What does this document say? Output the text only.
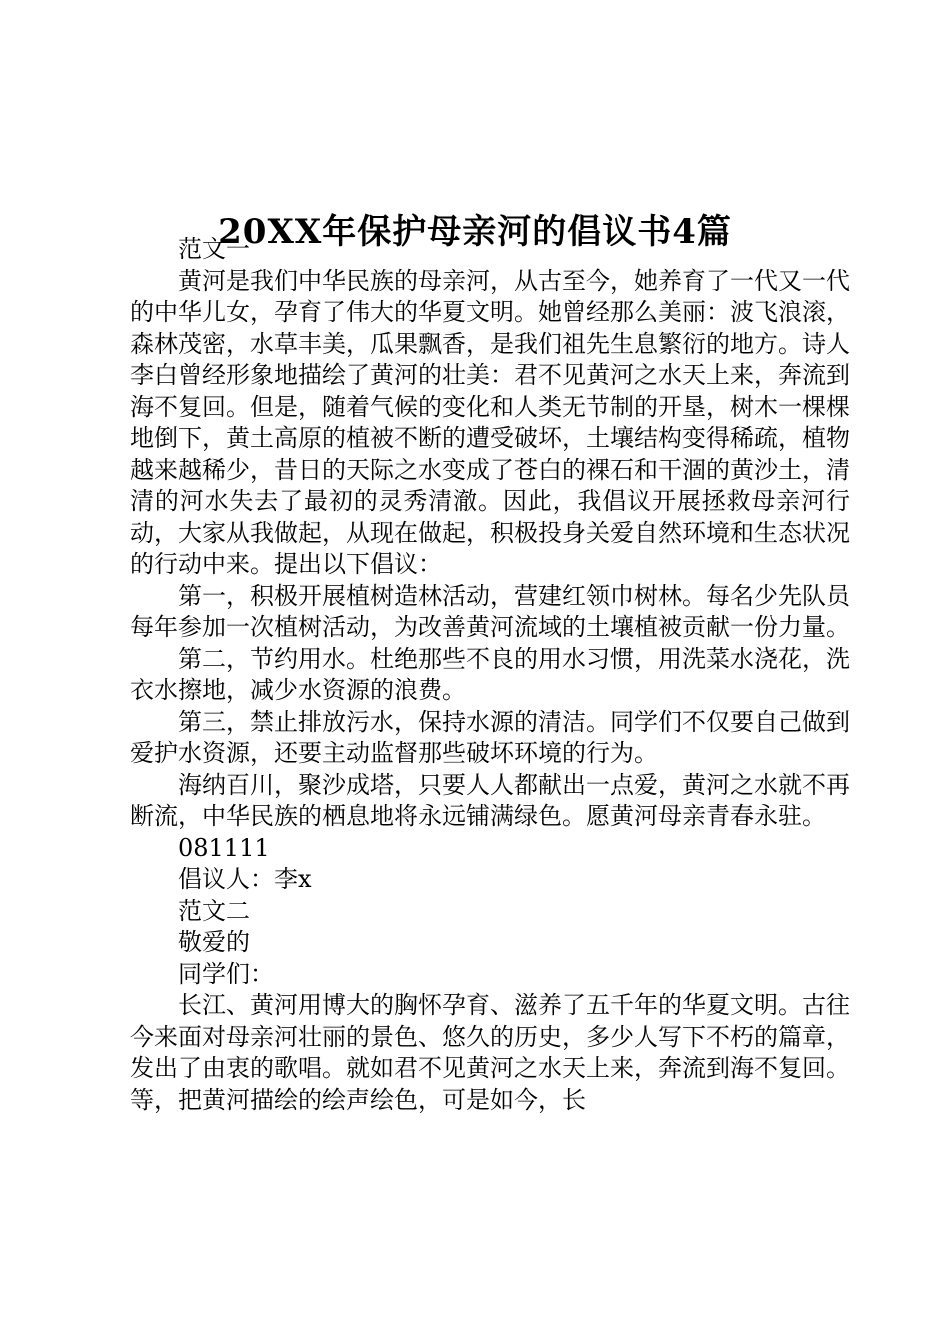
20XX年保护母亲河的倡议书4篇

范文一

黄河是我们中华民族的母亲河，从古至今，她养育了一代又一代的中华儿女，孕育了伟大的华夏文明。她曾经那么美丽：波飞浪滚，森林茂密，水草丰美，瓜果飘香，是我们祖先生息繁衍的地方。诗人李白曾经形象地描绘了黄河的壮美：君不见黄河之水天上来，奔流到海不复回。但是，随着气候的变化和人类无节制的开垦，树木一棵棵地倒下，黄土高原的植被不断的遭受破坏，土壤结构变得稀疏，植物越来越稀少，昔日的天际之水变成了苍白的裸石和干涸的黄沙土，清清的河水失去了最初的灵秀清澈。因此，我倡议开展拯救母亲河行动，大家从我做起，从现在做起，积极投身关爱自然环境和生态状况的行动中来。提出以下倡议：

第一，积极开展植树造林活动，营建红领巾树林。每名少先队员每年参加一次植树活动，为改善黄河流域的土壤植被贡献一份力量。

第二，节约用水。杜绝那些不良的用水习惯，用洗菜水浇花，洗衣水擦地，减少水资源的浪费。

第三，禁止排放污水，保持水源的清洁。同学们不仅要自己做到爱护水资源，还要主动监督那些破坏环境的行为。

海纳百川，聚沙成塔，只要人人都献出一点爱，黄河之水就不再断流，中华民族的栖息地将永远铺满绿色。愿黄河母亲青春永驻。

081111

倡议人：李x

范文二

敬爱的

同学们：

长江、黄河用博大的胸怀孕育、滋养了五千年的华夏文明。古往今来面对母亲河壮丽的景色、悠久的历史，多少人写下不朽的篇章，发出了由衷的歌唱。就如君不见黄河之水天上来，奔流到海不复回。等，把黄河描绘的绘声绘色，可是如今，长
